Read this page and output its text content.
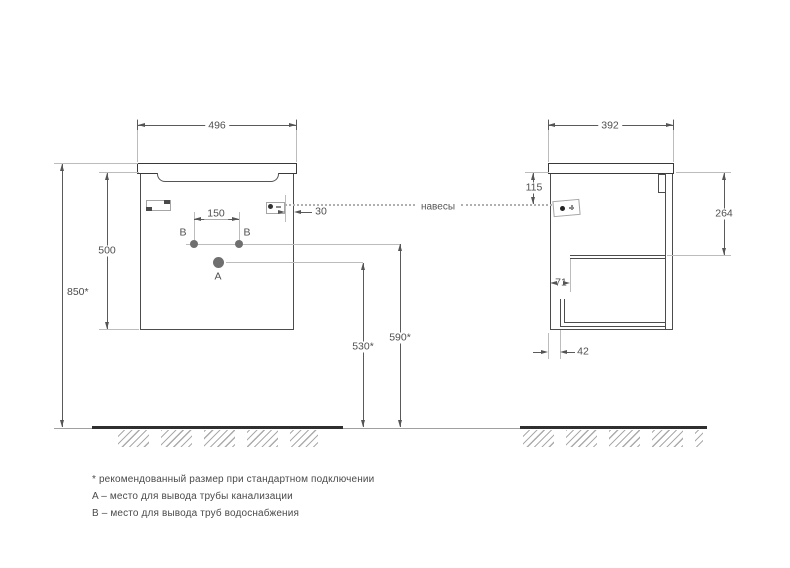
496
500
850*
150	30
B	B
A
590*
530*
навесы
392
115
264
71
42

* рекомендованный размер при стандартном подключении

A – место для вывода трубы канализации

B – место для вывода труб водоснабжения
